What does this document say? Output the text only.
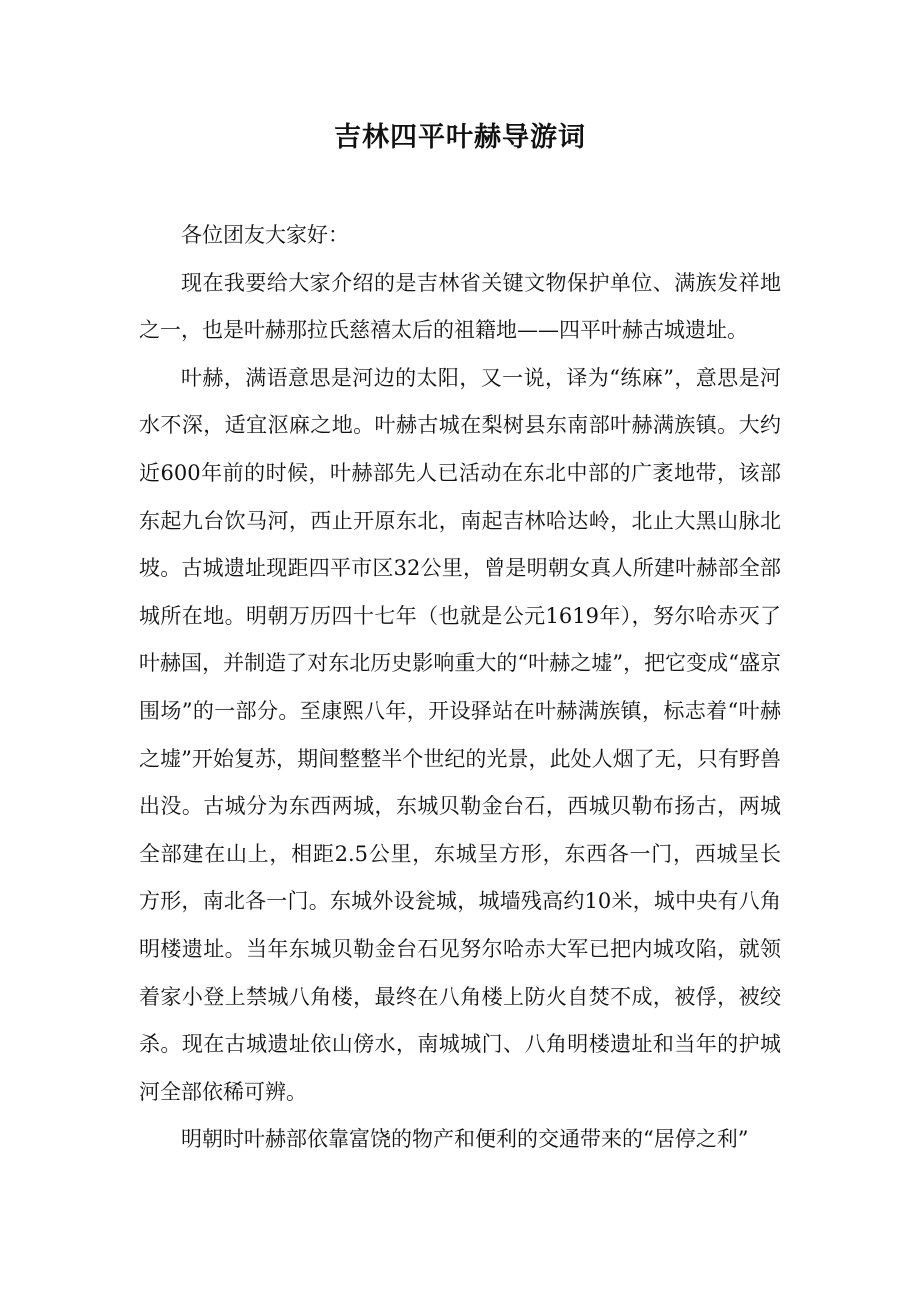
吉林四平叶赫导游词

各位团友大家好：

现在我要给大家介绍的是吉林省关键文物保护单位、满族发祥地之一，也是叶赫那拉氏慈禧太后的祖籍地——四平叶赫古城遗址。

叶赫，满语意思是河边的太阳，又一说，译为“练麻”，意思是河水不深，适宜沤麻之地。叶赫古城在梨树县东南部叶赫满族镇。大约近600年前的时候，叶赫部先人已活动在东北中部的广袤地带，该部东起九台饮马河，西止开原东北，南起吉林哈达岭，北止大黑山脉北坡。古城遗址现距四平市区32公里，曾是明朝女真人所建叶赫部全部城所在地。明朝万历四十七年（也就是公元1619年），努尔哈赤灭了叶赫国，并制造了对东北历史影响重大的“叶赫之墟”，把它变成“盛京围场”的一部分。至康熙八年，开设驿站在叶赫满族镇，标志着“叶赫之墟”开始复苏，期间整整半个世纪的光景，此处人烟了无，只有野兽出没。古城分为东西两城，东城贝勒金台石，西城贝勒布扬古，两城全部建在山上，相距2.5公里，东城呈方形，东西各一门，西城呈长方形，南北各一门。东城外设瓮城，城墙残高约10米，城中央有八角明楼遗址。当年东城贝勒金台石见努尔哈赤大军已把内城攻陷，就领着家小登上禁城八角楼，最终在八角楼上防火自焚不成，被俘，被绞杀。现在古城遗址依山傍水，南城城门、八角明楼遗址和当年的护城河全部依稀可辨。

明朝时叶赫部依靠富饶的物产和便利的交通带来的“居停之利”
